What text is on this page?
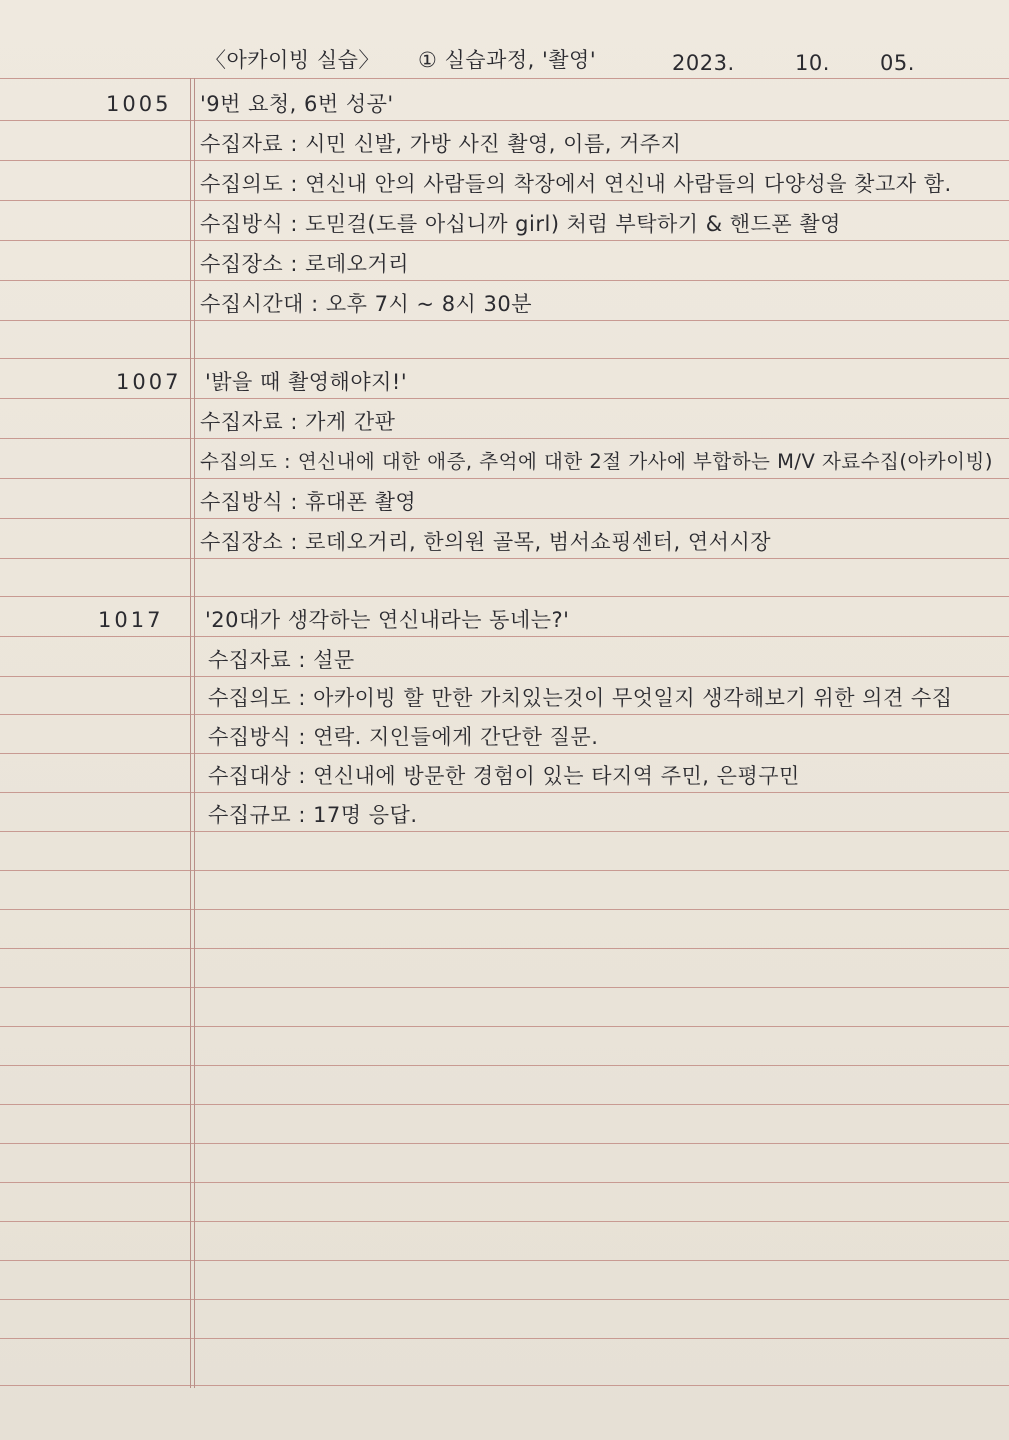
〈아카이빙 실습〉 ① 실습과정, '촬영'	2023.	10. 05.
1005 '9번 요청, 6번 성공'
수집자료 : 시민 신발, 가방 사진 촬영, 이름, 거주지
수집의도 : 연신내 안의 사람들의 착장에서 연신내 사람들의 다양성을 찾고자 함.
수집방식 : 도믿걸(도를 아십니까 girl) 처럼 부탁하기 & 핸드폰 촬영
수집장소 : 로데오거리
수집시간대 : 오후 7시 ~ 8시 30분
1007 '밝을 때 촬영해야지!'
수집자료 : 가게 간판
수집의도 : 연신내에 대한 애증, 추억에 대한 2절 가사에 부합하는 M/V 자료수집(아카이빙)
수집방식 : 휴대폰 촬영
수집장소 : 로데오거리, 한의원 골목, 범서쇼핑센터, 연서시장
1017 '20대가 생각하는 연신내라는 동네는?'
수집자료 : 설문
수집의도 : 아카이빙 할 만한 가치있는것이 무엇일지 생각해보기 위한 의견 수집
수집방식 : 연락. 지인들에게 간단한 질문.
수집대상 : 연신내에 방문한 경험이 있는 타지역 주민, 은평구민
수집규모 : 17명 응답.
